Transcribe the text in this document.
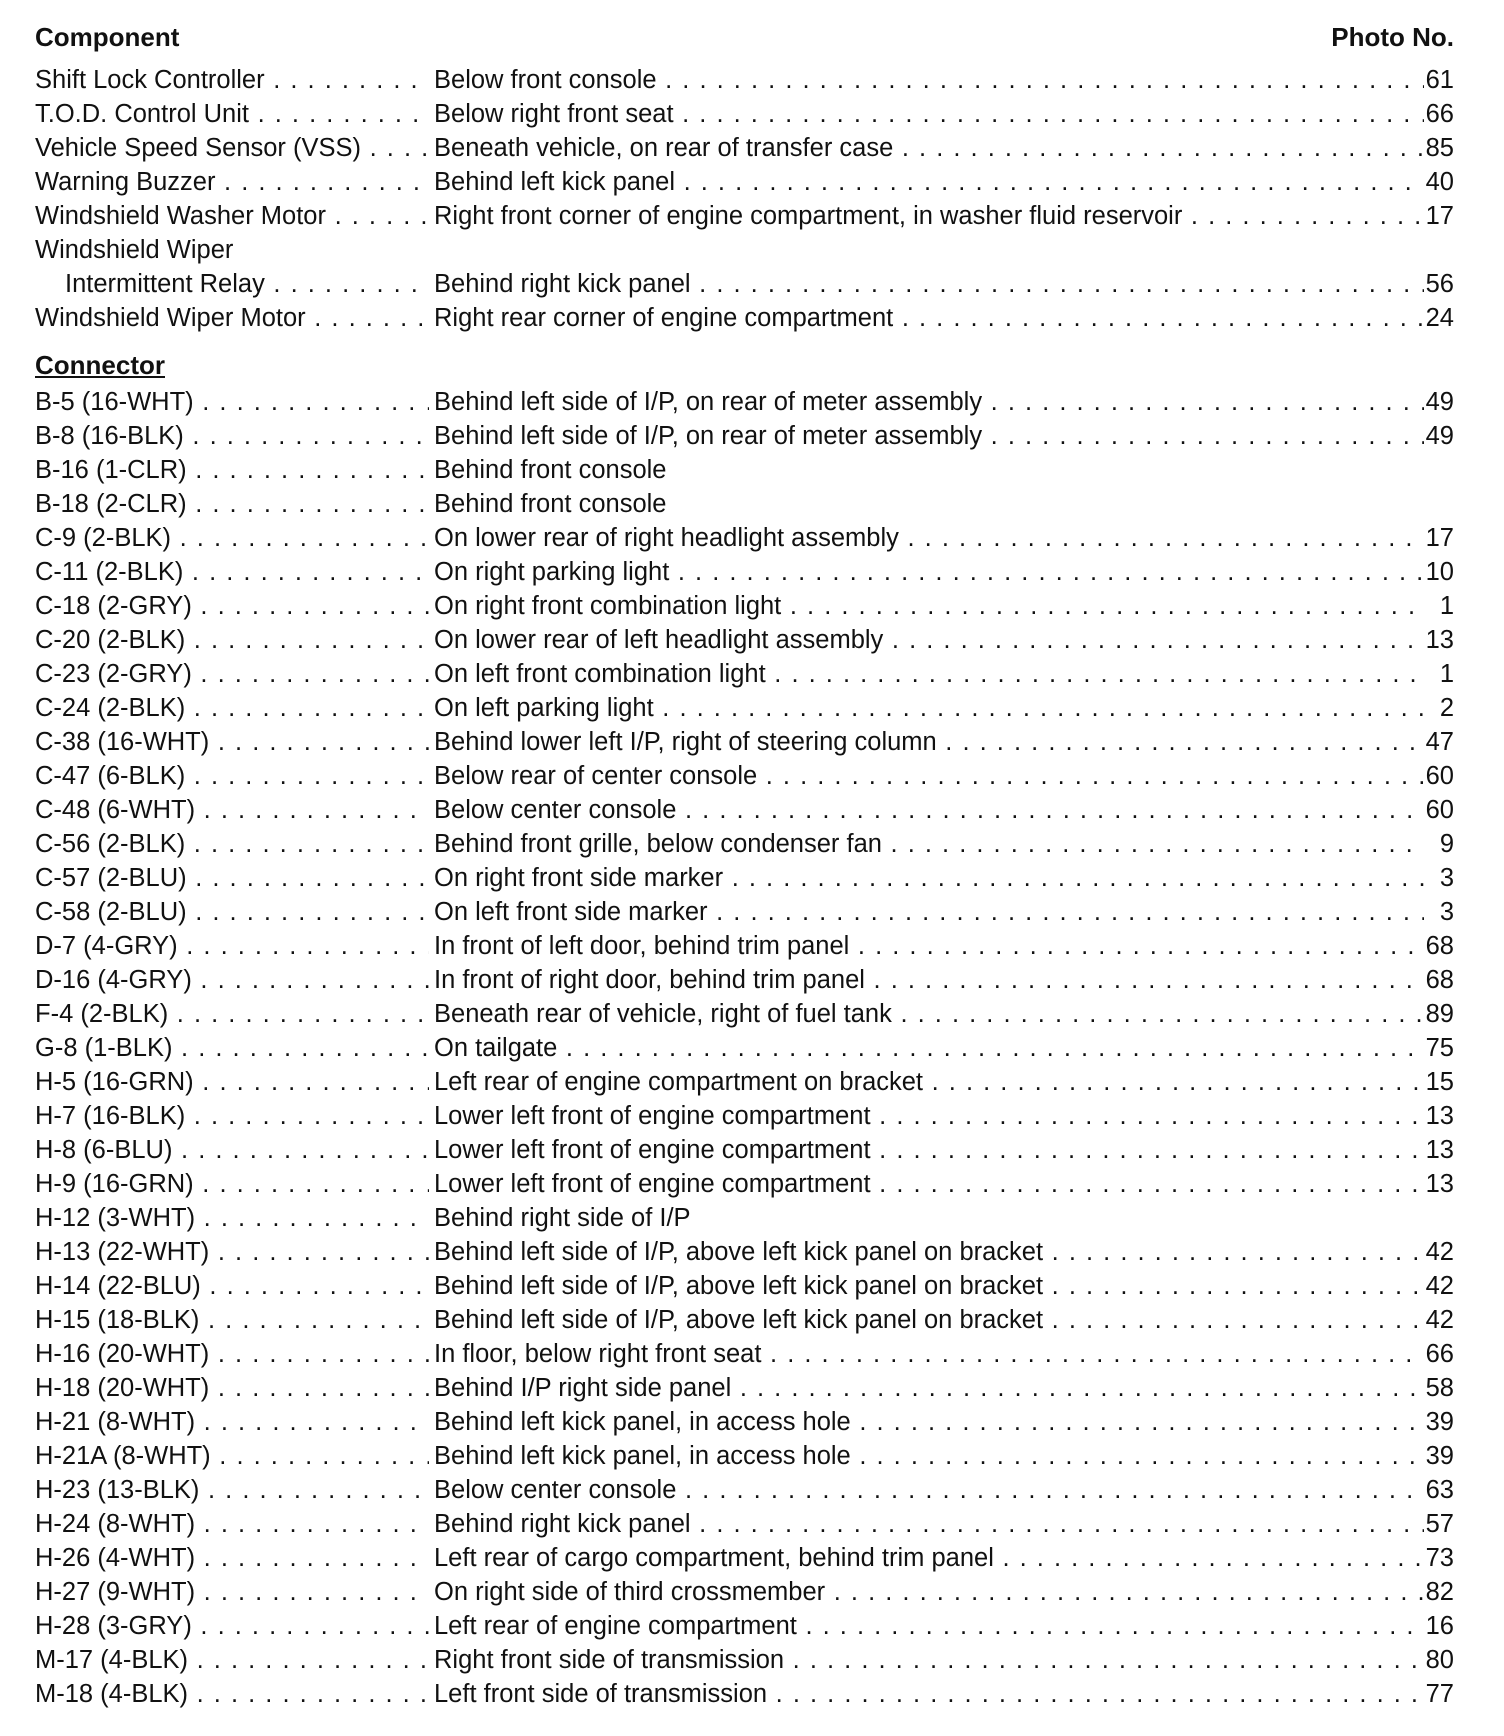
Component	Photo No.
Shift Lock Controller . . .	Below front console . . .	61
T.O.D. Control Unit . . .	Below right front seat . . .	66
Vehicle Speed Sensor (VSS) . . .	Beneath vehicle, on rear of transfer case . . .	85
Warning Buzzer . . .	Behind left kick panel . . .	40
Windshield Washer Motor . . .	Right front corner of engine compartment, in washer fluid reservoir . . .	17
Windshield Wiper
Intermittent Relay . . .	Behind right kick panel . . .	56
Windshield Wiper Motor . . .	Right rear corner of engine compartment . . .	24
Connector
B-5 (16-WHT) . . .	Behind left side of I/P, on rear of meter assembly . . .	49
B-8 (16-BLK) . . .	Behind left side of I/P, on rear of meter assembly . . .	49
B-16 (1-CLR) . . .	Behind front console
B-18 (2-CLR) . . .	Behind front console
C-9 (2-BLK) . . .	On lower rear of right headlight assembly . . .	17
C-11 (2-BLK) . . .	On right parking light . . .	10
C-18 (2-GRY) . . .	On right front combination light . . .	1
C-20 (2-BLK) . . .	On lower rear of left headlight assembly . . .	13
C-23 (2-GRY) . . .	On left front combination light . . .	1
C-24 (2-BLK) . . .	On left parking light . . .	2
C-38 (16-WHT) . . .	Behind lower left I/P, right of steering column . . .	47
C-47 (6-BLK) . . .	Below rear of center console . . .	60
C-48 (6-WHT) . . .	Below center console . . .	60
C-56 (2-BLK) . . .	Behind front grille, below condenser fan . . .	9
C-57 (2-BLU) . . .	On right front side marker . . .	3
C-58 (2-BLU) . . .	On left front side marker . . .	3
D-7 (4-GRY) . . .	In front of left door, behind trim panel . . .	68
D-16 (4-GRY) . . .	In front of right door, behind trim panel . . .	68
F-4 (2-BLK) . . .	Beneath rear of vehicle, right of fuel tank . . .	89
G-8 (1-BLK) . . .	On tailgate . . .	75
H-5 (16-GRN) . . .	Left rear of engine compartment on bracket . . .	15
H-7 (16-BLK) . . .	Lower left front of engine compartment . . .	13
H-8 (6-BLU) . . .	Lower left front of engine compartment . . .	13
H-9 (16-GRN) . . .	Lower left front of engine compartment . . .	13
H-12 (3-WHT) . . .	Behind right side of I/P
H-13 (22-WHT) . . .	Behind left side of I/P, above left kick panel on bracket . . .	42
H-14 (22-BLU) . . .	Behind left side of I/P, above left kick panel on bracket . . .	42
H-15 (18-BLK) . . .	Behind left side of I/P, above left kick panel on bracket . . .	42
H-16 (20-WHT) . . .	In floor, below right front seat . . .	66
H-18 (20-WHT) . . .	Behind I/P right side panel . . .	58
H-21 (8-WHT) . . .	Behind left kick panel, in access hole . . .	39
H-21A (8-WHT) . . .	Behind left kick panel, in access hole . . .	39
H-23 (13-BLK) . . .	Below center console . . .	63
H-24 (8-WHT) . . .	Behind right kick panel . . .	57
H-26 (4-WHT) . . .	Left rear of cargo compartment, behind trim panel . . .	73
H-27 (9-WHT) . . .	On right side of third crossmember . . .	82
H-28 (3-GRY) . . .	Left rear of engine compartment . . .	16
M-17 (4-BLK) . . .	Right front side of transmission . . .	80
M-18 (4-BLK) . . .	Left front side of transmission . . .	77
